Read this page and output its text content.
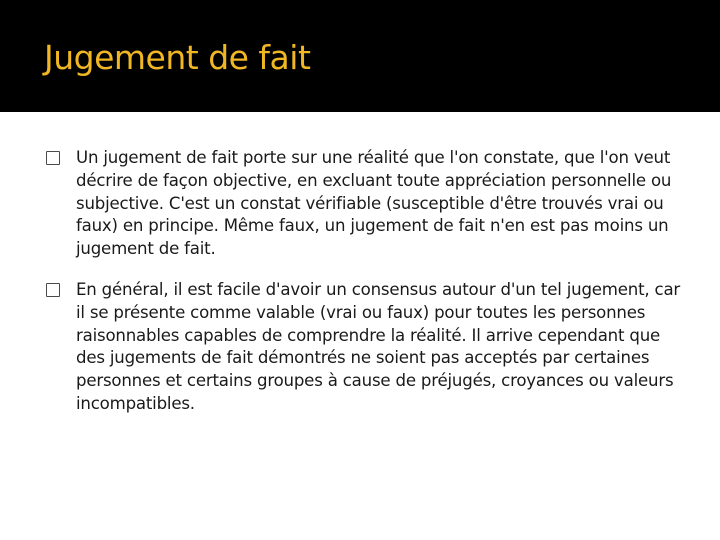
Jugement de fait
Un jugement de fait porte sur une réalité que l'on constate, que l'on veut décrire de façon objective, en excluant toute appréciation personnelle ou subjective. C'est un constat vérifiable (susceptible d'être trouvés vrai ou faux) en principe. Même faux, un jugement de fait n'en est pas moins un jugement de fait.
En général, il est facile d'avoir un consensus autour d'un tel jugement, car il se présente comme valable (vrai ou faux) pour toutes les personnes raisonnables capables de comprendre la réalité. Il arrive cependant que des jugements de fait démontrés ne soient pas acceptés par certaines personnes et certains groupes à cause de préjugés, croyances ou valeurs incompatibles.
